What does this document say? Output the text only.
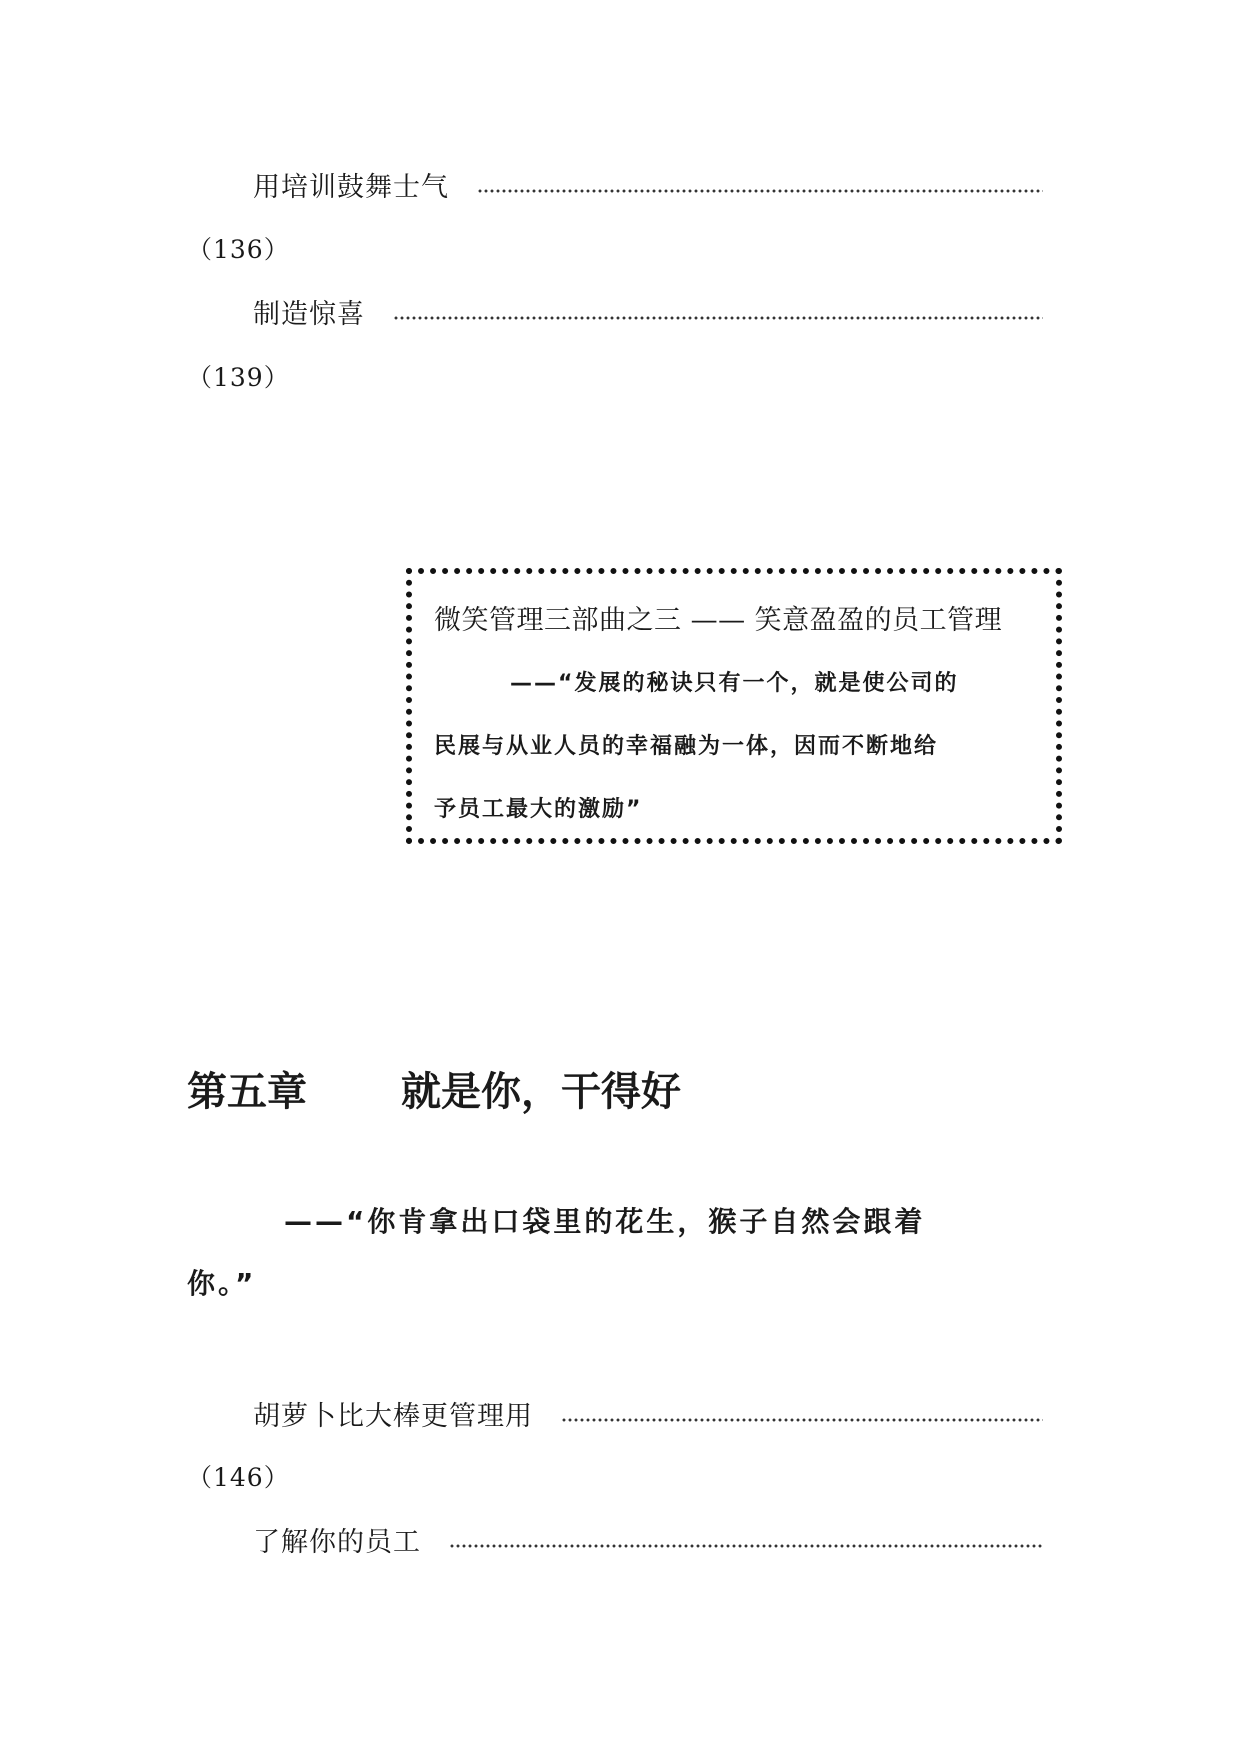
用培训鼓舞士气
（136）
制造惊喜
（139）
微笑管理三部曲之三 —— 笑意盈盈的员工管理
——“发展的秘诀只有一个，就是使公司的
民展与从业人员的幸福融为一体，因而不断地给
予员工最大的激励”
第五章 就是你，干得好
——“你肯拿出口袋里的花生，猴子自然会跟着
你。”
胡萝卜比大棒更管理用
（146）
了解你的员工
